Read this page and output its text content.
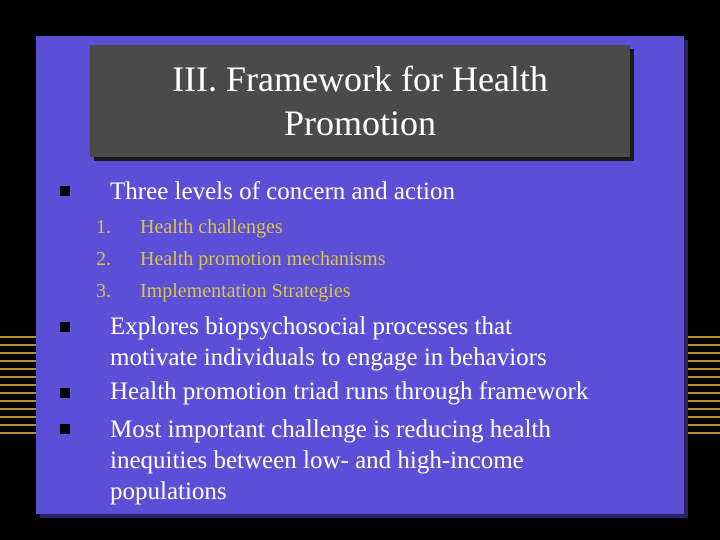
III. Framework for Health Promotion
Three levels of concern and action
1. Health challenges
2. Health promotion mechanisms
3. Implementation Strategies
Explores biopsychosocial processes that
motivate individuals to engage in behaviors
Health promotion triad runs through framework
Most important challenge is reducing health
inequities between low- and high-income
populations
